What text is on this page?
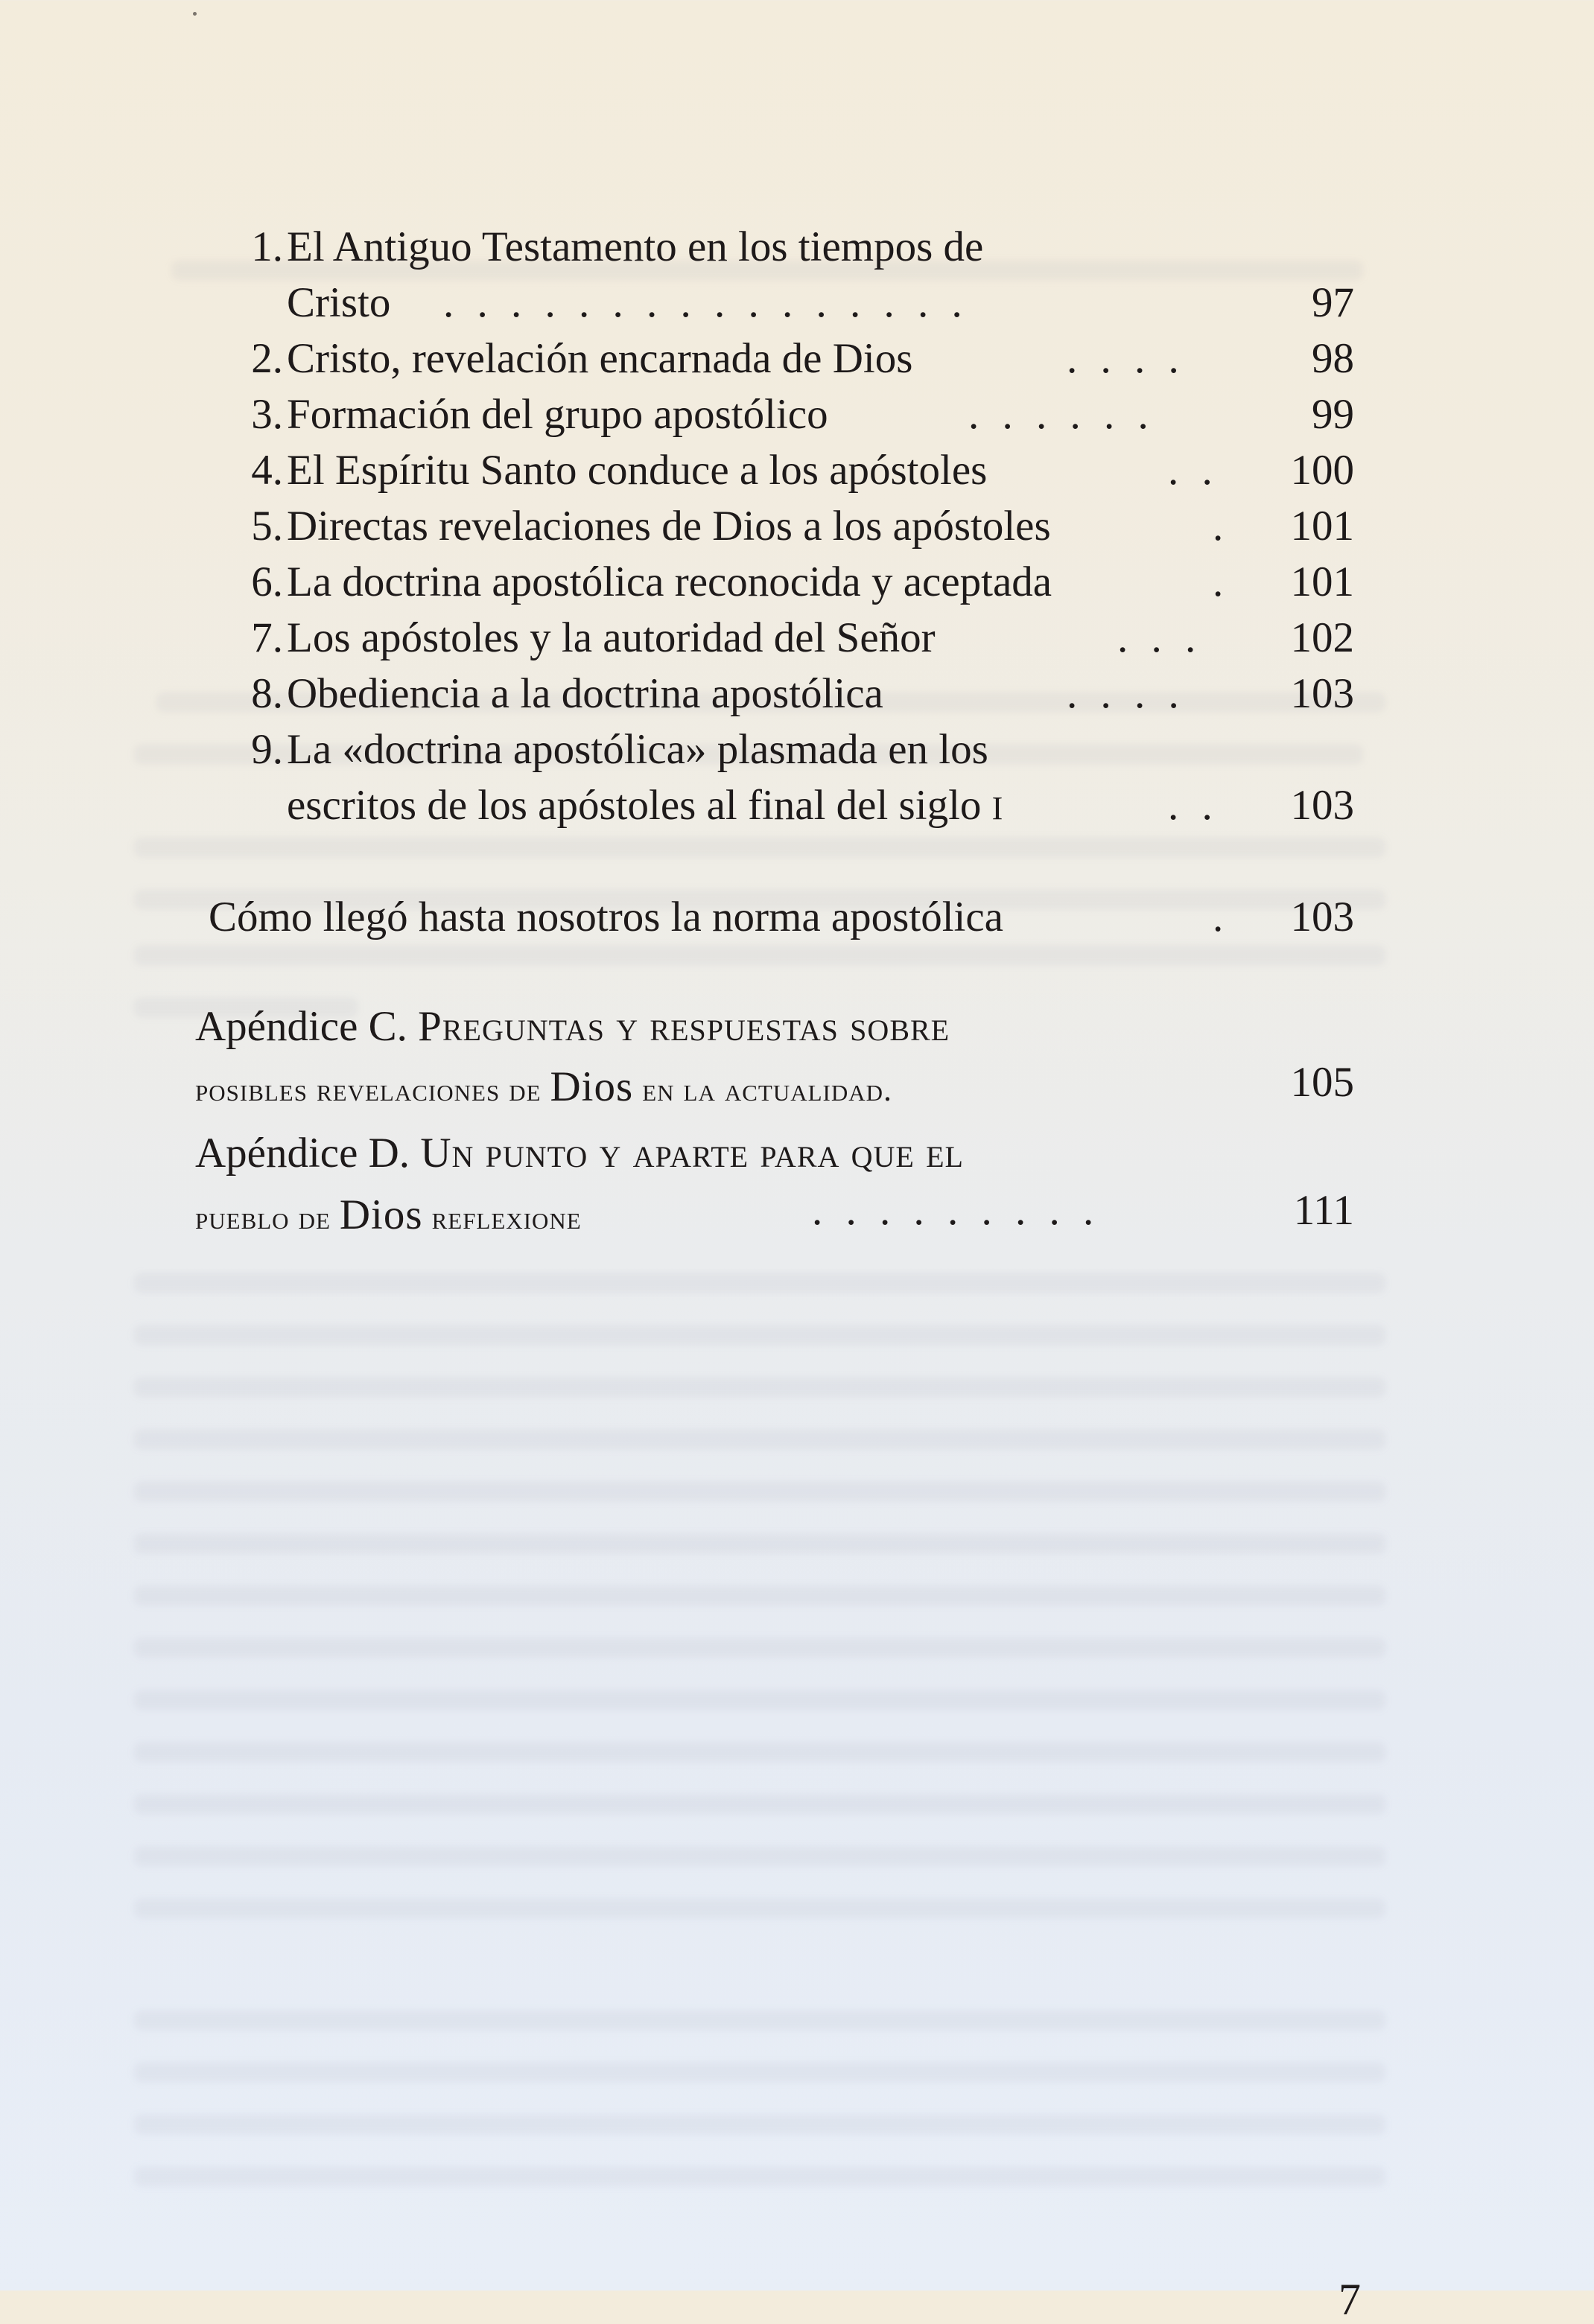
1. El Antiguo Testamento en los tiempos de
Cristo . . . . . . . . . . . . . . . .	97
2. Cristo, revelación encarnada de Dios	. . . .	98
3. Formación del grupo apostólico	. . . . . .	99
4. El Espíritu Santo conduce a los apóstoles	. . 100
5. Directas revelaciones de Dios a los apóstoles	. 101
6. La doctrina apostólica reconocida y aceptada	. 101
7. Los apóstoles y la autoridad del Señor	. . . 102
8. Obediencia a la doctrina apostólica	. . . .	103
9. La «doctrina apostólica» plasmada en los
escritos de los apóstoles al final del siglo I	. . 103
Cómo llegó hasta nosotros la norma apostólica	. 103
Apéndice C. Preguntas y respuestas sobre
posibles revelaciones de Dios en la actualidad.	105
Apéndice D. Un punto y aparte para que el
pueblo de Dios reflexione	. . . . . . . . .	111
7
